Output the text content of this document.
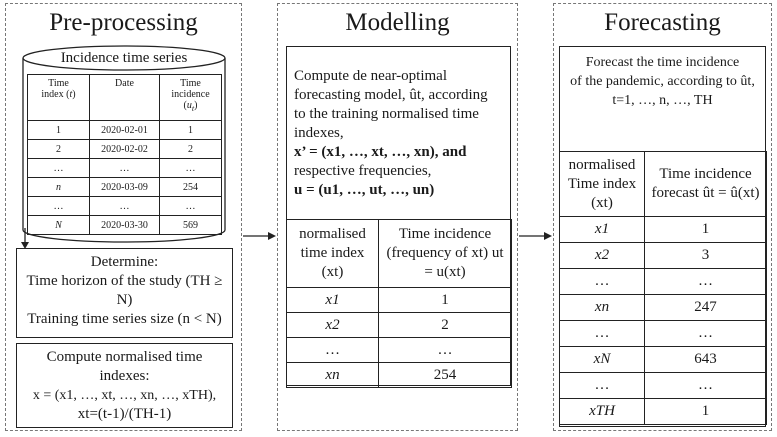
Pre-processing
Incidence time series
Time
index (t)	Date	Time
incidence
$(u_t)$
1	2020-02-01	1
2	2020-02-02	2
…	…	…
n	2020-03-09	254
…	…	…
N	2020-03-30	569
Determine:
Time horizon of the study (TH ≥
N)
Training time series size (n < N)
Compute normalised time
indexes:
x = (x1, …, xt, …, xn, …, xTH),
xt=(t-1)/(TH-1)
Modelling
Compute de near-optimal
forecasting model, ût, according
to the training normalised time
indexes,
x’ = (x1, …, xt, …, xn), and
respective frequencies,
u = (u1, …, ut, …, un)
normalised time index (xt)	Time incidence (frequency of xt) ut = u(xt)
x1	1
x2	2
…	…
xn	254
Forecasting
Forecast the time incidence
of the pandemic, according to ût,
t=1, …, n, …, TH
normalised Time index (xt)	Time incidence forecast ût = û(xt)
x1	1
x2	3
…	…
xn	247
…	…
xN	643
…	…
xTH	1
